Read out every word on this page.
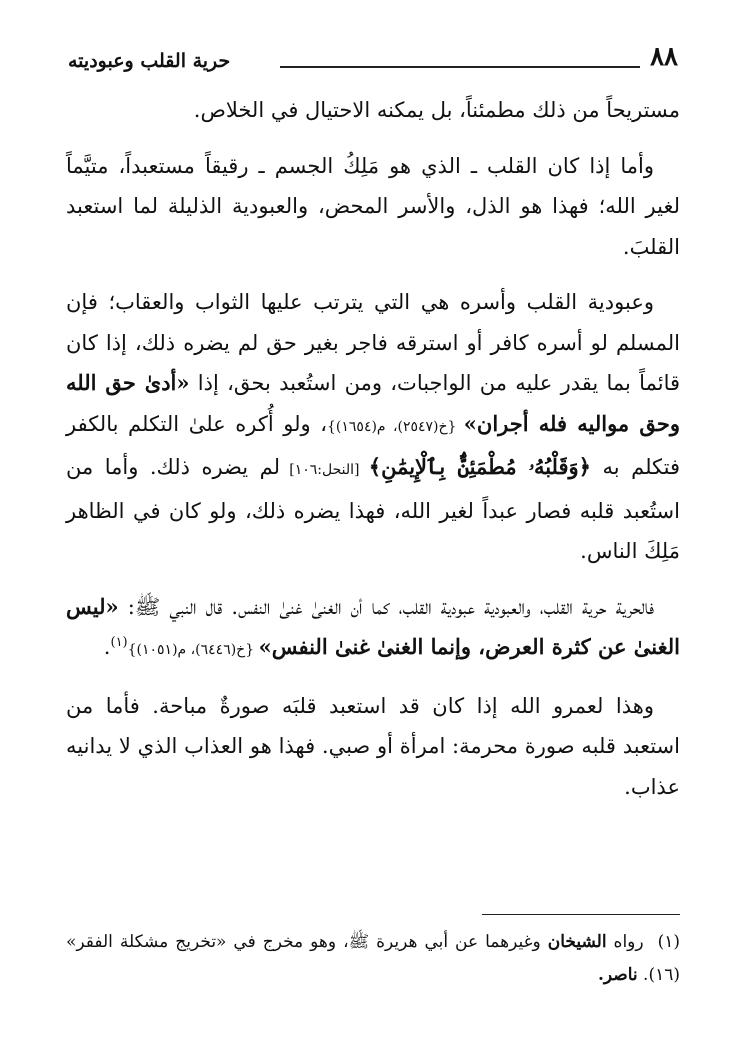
٨٨
حرية القلب وعبوديته

مستريحاً من ذلك مطمئناً، بل يمكنه الاحتيال في الخلاص.

وأما إذا كان القلب ـ الذي هو مَلِكُ الجسم ـ رقيقاً مستعبداً، متيَّماً لغير الله؛ فهذا هو الذل، والأسر المحض، والعبودية الذليلة لما استعبد القلبَ.

وعبودية القلب وأسره هي التي يترتب عليها الثواب والعقاب؛ فإن المسلم لو أسره كافر أو استرقه فاجر بغير حق لم يضره ذلك، إذا كان قائماً بما يقدر عليه من الواجبات، ومن استُعبد بحق، إذا «أدىٰ حق الله وحق مواليه فله أجران» {خ(٢٥٤٧)، م(١٦٥٤)}، ولو أُكره علىٰ التكلم بالكفر فتكلم به ﴿وَقَلْبُهُۥ مُطْمَئِنٌّۢ بِٱلْإِيمَٰنِ﴾ [النحل:١٠٦] لم يضره ذلك. وأما من استُعبد قلبه فصار عبداً لغير الله، فهذا يضره ذلك، ولو كان في الظاهر مَلِكَ الناس.

فالحرية حرية القلب، والعبودية عبودية القلب، كما أن الغنىٰ غنىٰ النفس. قال النبي ﷺ: «ليس الغنىٰ عن كثرة العرض، وإنما الغنىٰ غنىٰ النفس» {خ(٦٤٤٦)، م(١٠٥١)}$^{(١)}$.

وهذا لعمرو الله إذا كان قد استعبد قلبَه صورةٌ مباحة. فأما من استعبد قلبه صورة محرمة: امرأة أو صبي. فهذا هو العذاب الذي لا يدانيه عذاب.

(١)رواه الشيخان وغيرهما عن أبي هريرة ﷺ، وهو مخرج في «تخريج مشكلة الفقر» (١٦). ناصر.
